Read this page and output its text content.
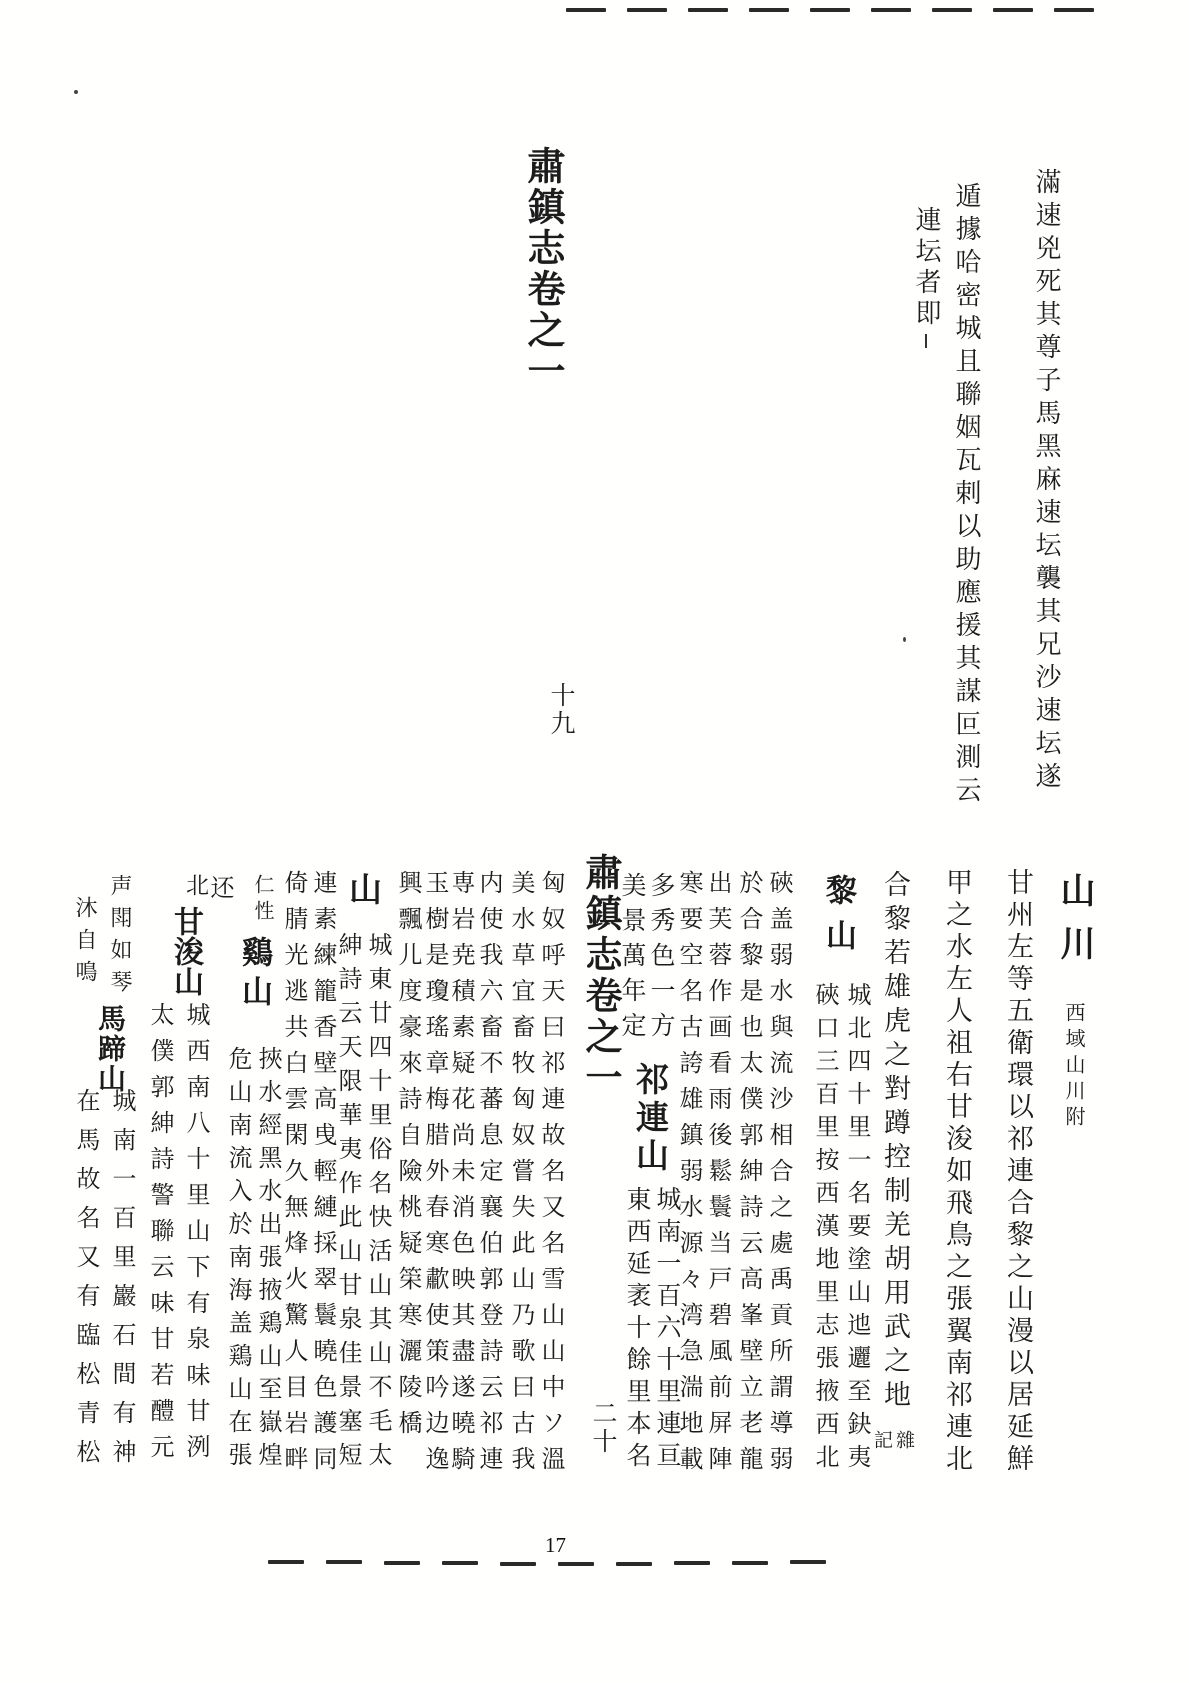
滿速兇死其尊子馬黑麻速坛襲其兄沙速坛遂
遁據哈密城且聯姻瓦剌以助應援其謀叵測云
連坛者即
肅鎮志卷之一
十九
山川
西域山川附
甘州左等五衛環以祁連合黎之山漫以居延鮮
甲之水左人祖右甘浚如飛鳥之張翼南祁連北
合黎若雄虎之對蹲控制羌胡用武之地
雜
記
黎山
城北四十里一名要塗山迆邐至鈌夷
硤口三百里按西漢地里志張掖西北
硤盖弱水與流沙相合之處禹貢所謂導弱
於合黎是也太僕郭紳詩云高峯壁立老龍
出芙蓉作画看雨後鬆鬟当戸碧風前屏陣
寒要空名古誇雄鎮弱水源々湾急湍地載
多秀色一方
美景萬年定
祁連山
城南一百六十里連亘
東西延袤十餘里本名
肅鎮志卷之一
二十
匈奴呼天曰祁連故名又名雪山山中ソ溫
美水草宜畜牧匈奴嘗失此山乃歌曰古我
内使我六畜不蕃息定襄伯郭登詩云祁連
専岩尭積素疑花尚未消色映其盡遂曉騎
玉樹是瓊瑤章梅腊外春寒歗使策吟边逸
興飄儿度豪來詩自險桃疑筞寒灑陵橋
山
城東廿四十里俗名快活山其山不毛太
紳詩云天限華夷作此山甘泉佳景塞短
連素練籠香壁高曵輕縺採翠鬟曉色護同
倚腈光逃共白雲閑久無烽火驚人目岩畔
仁性
鷄山
挾水經黑水出張掖鶏山至嶽煌
危山南流入於南海盖鶏山在張
还
北
甘浚山
城西南八十里山下有泉味甘洌
太僕郭紳詩警聯云味甘若醴元
声閗如琴
沐自鳴
馬蹄山
城南一百里巖石間有神
在馬故名又有臨松青松
17
